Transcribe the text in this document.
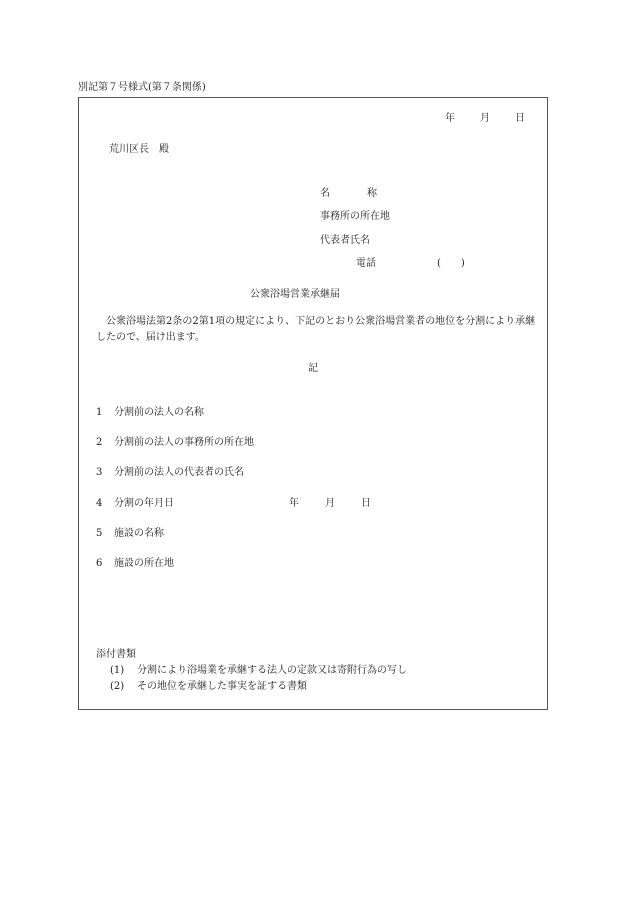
別記第７号様式(第７条関係)
年	月	日
荒川区長　殿
名	称
事務所の所在地
代表者氏名
電話	(　　)
公衆浴場営業承継届
公衆浴場法第2条の2第1項の規定により、下記のとおり公衆浴場営業者の地位を分割により承継したので、届け出ます。
記
1 分割前の法人の名称
2 分割前の法人の事務所の所在地
3 分割前の法人の代表者の氏名
4 分割の年月日	年	月	日
5 施設の名称
6 施設の所在地
添付書類
(1) 分割により浴場業を承継する法人の定款又は寄附行為の写し
(2) その地位を承継した事実を証する書類
